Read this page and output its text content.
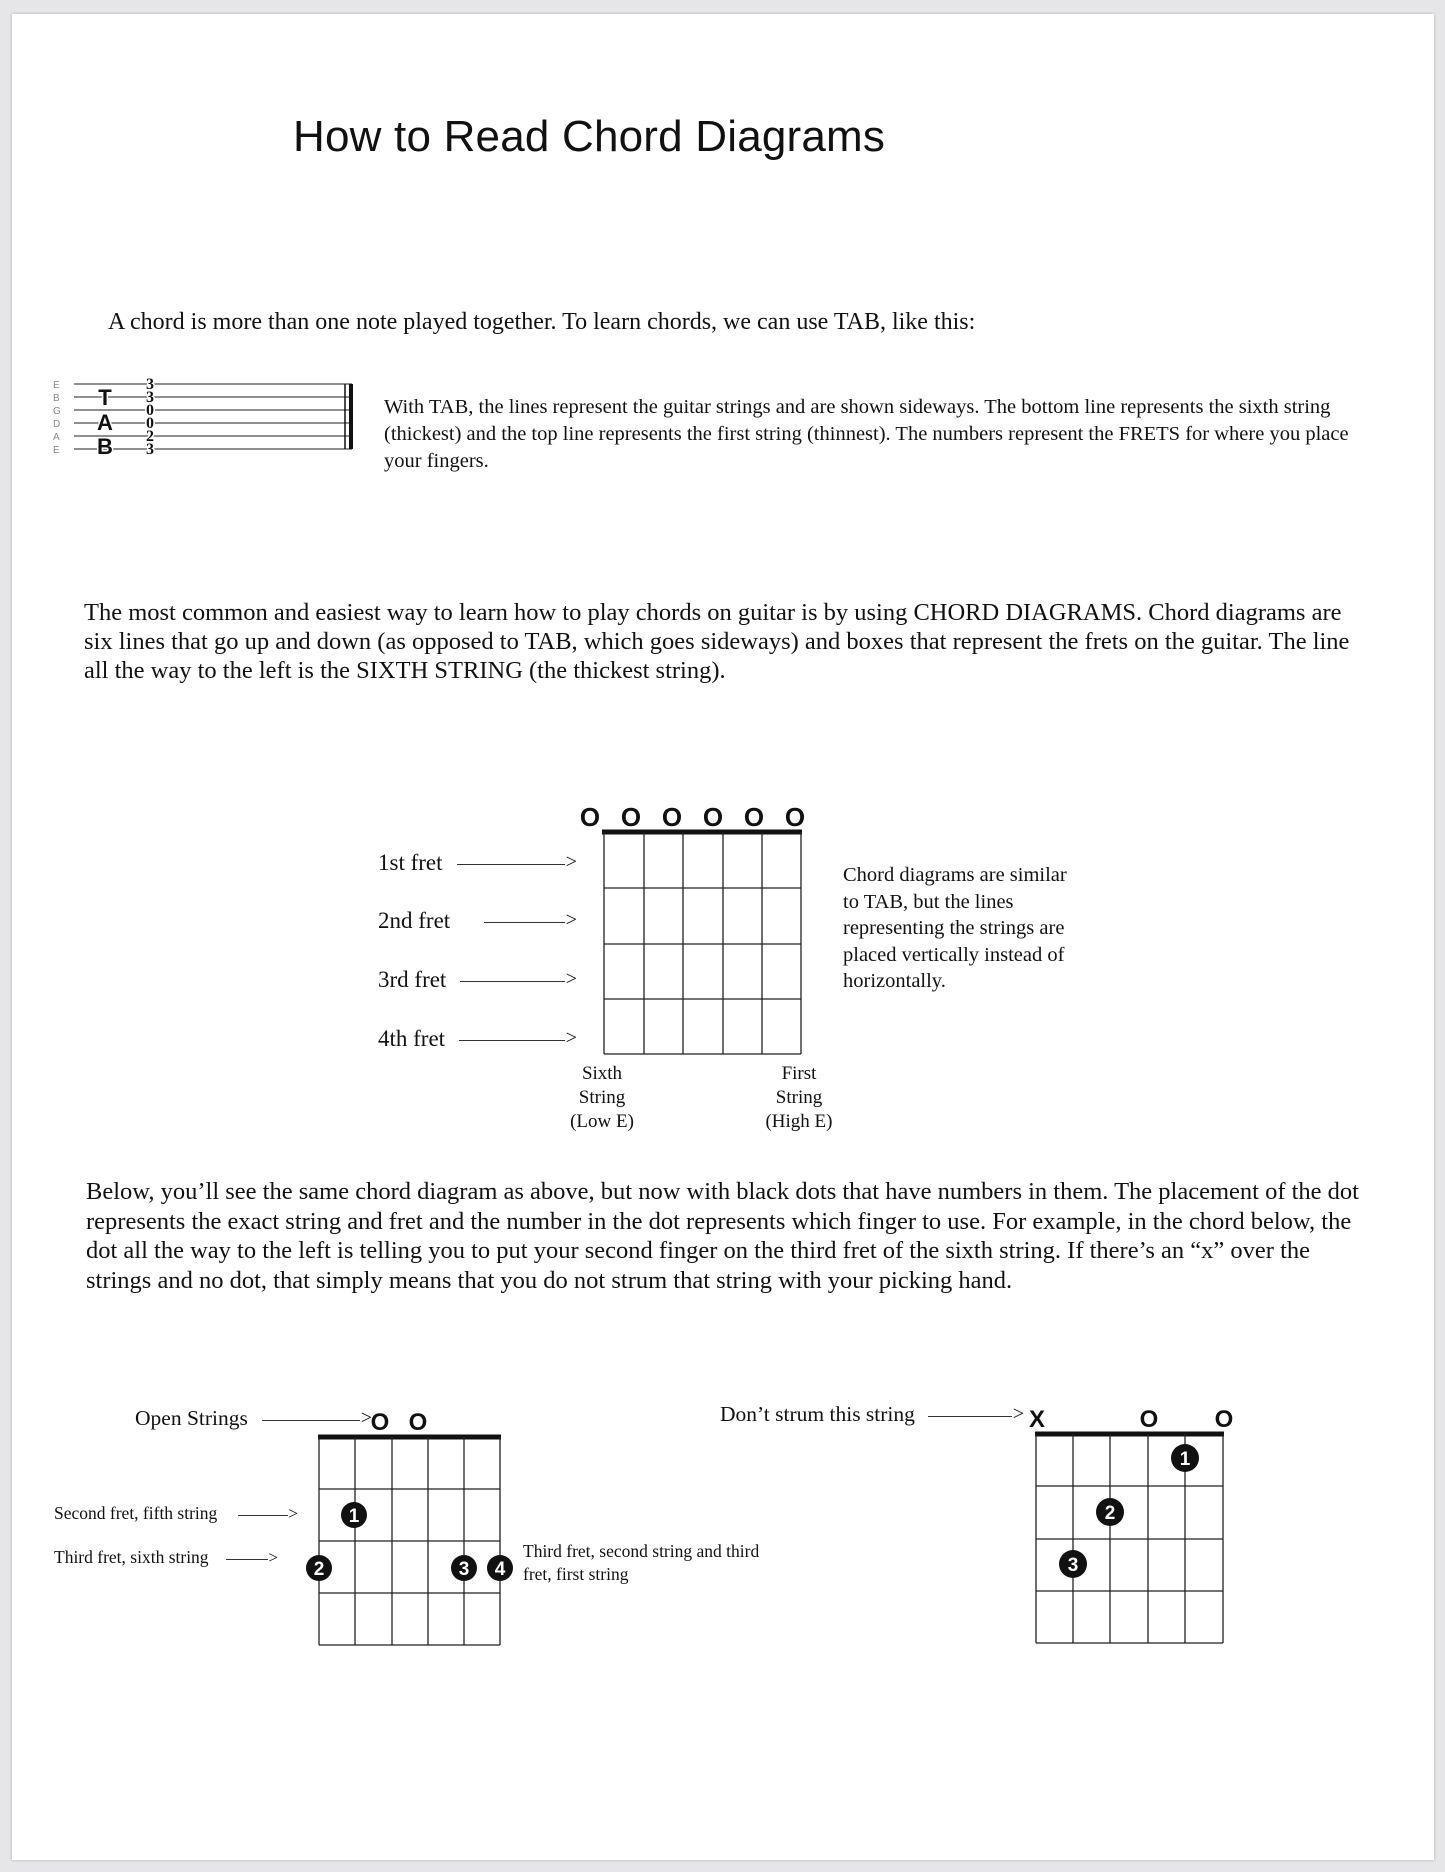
How to Read Chord Diagrams
A chord is more than one note played together. To learn chords, we can use TAB, like this:
E
B
G
D
A
E
T
A
B
3
3
0
0
2
3
With TAB, the lines represent the guitar strings and are shown sideways. The bottom line represents the sixth string (thickest) and the top line represents the first string (thinnest). The numbers represent the FRETS for where you place your fingers.
The most common and easiest way to learn how to play chords on guitar is by using CHORD DIAGRAMS. Chord diagrams are six lines that go up and down (as opposed to TAB, which goes sideways) and boxes that represent the frets on the guitar. The line all the way to the left is the SIXTH STRING (the thickest string).
O O O O O O
1st fret
2nd fret
3rd fret
4th fret
>
>
>
>
Chord diagrams are similar to TAB, but the lines representing the strings are placed vertically instead of horizontally.
Sixth
String
(Low E)
First
String
(High E)
Below, you’ll see the same chord diagram as above, but now with black dots that have numbers in them. The placement of the dot represents the exact string and fret and the number in the dot represents which finger to use. For example, in the chord below, the dot all the way to the left is telling you to put your second finger on the third fret of the sixth string. If there’s an “x” over the strings and no dot, that simply means that you do not strum that string with your picking hand.
Open Strings	>
O O
1
2	3 4
Second fret, fifth string	>
Third fret, sixth string	>	Third fret, second string and third fret, first string
Don’t strum this string	> X	O O
1
2
3
